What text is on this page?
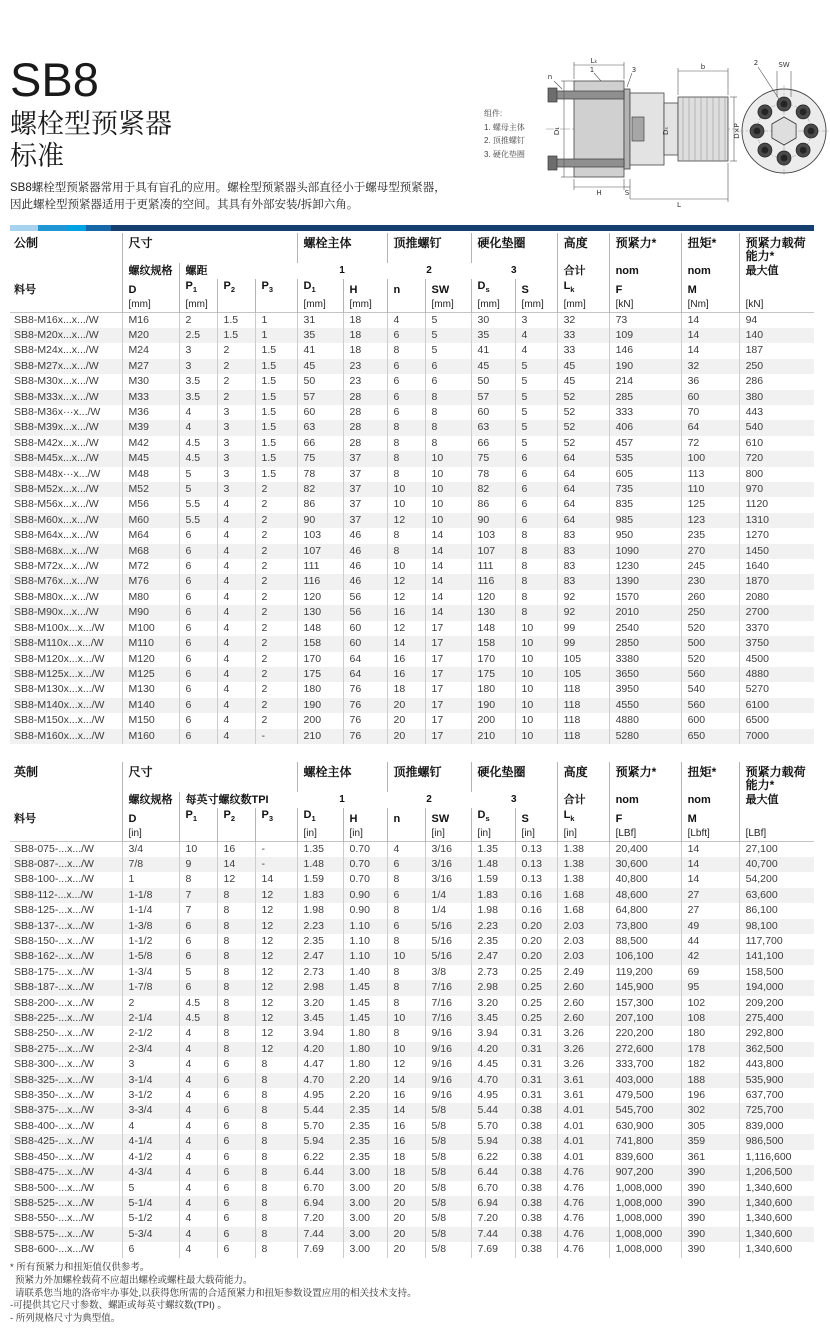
SB8
螺栓型预紧器
标准
SB8螺栓型预紧器常用于具有盲孔的应用。螺栓型预紧器头部直径小于螺母型预紧器，
因此螺栓型预紧器适用于更紧凑的空间。其具有外部安装/拆卸六角。
组件:
1. 螺母主体
2. 顶推螺钉
3. 硬化垫圈
Lₖ
n
1	3	b
D₁	Dₛ	D×P
H	S
L
2	SW
公制	尺寸				螺栓主体		顶推螺钉		硬化垫圈		高度	预紧力*	扭矩*	预紧力载荷 能力*
	螺纹规格	螺距			1		2		3		合计	nom	nom	最大值
料号	D	$P_1$	$P_2$	$P_3$	$D_1$	H	n	SW	$D_s$	S	$L_k$	F	M	
	[mm]	[mm]			[mm]	[mm]		[mm]	[mm]	[mm]	[mm]	[kN]	[Nm]	[kN]
SB8-M16x...x.../W	M16	2	1.5	1	31	18	4	5	30	3	32	73	14	94
SB8-M20x...x.../W	M20	2.5	1.5	1	35	18	6	5	35	4	33	109	14	140
SB8-M24x...x.../W	M24	3	2	1.5	41	18	8	5	41	4	33	146	14	187
SB8-M27x...x.../W	M27	3	2	1.5	45	23	6	6	45	5	45	190	32	250
SB8-M30x...x.../W	M30	3.5	2	1.5	50	23	6	6	50	5	45	214	36	286
SB8-M33x...x.../W	M33	3.5	2	1.5	57	28	6	8	57	5	52	285	60	380
SB8-M36x···x.../W	M36	4	3	1.5	60	28	6	8	60	5	52	333	70	443
SB8-M39x...x.../W	M39	4	3	1.5	63	28	8	8	63	5	52	406	64	540
SB8-M42x...x.../W	M42	4.5	3	1.5	66	28	8	8	66	5	52	457	72	610
SB8-M45x...x.../W	M45	4.5	3	1.5	75	37	8	10	75	6	64	535	100	720
SB8-M48x···x.../W	M48	5	3	1.5	78	37	8	10	78	6	64	605	113	800
SB8-M52x...x.../W	M52	5	3	2	82	37	10	10	82	6	64	735	110	970
SB8-M56x...x.../W	M56	5.5	4	2	86	37	10	10	86	6	64	835	125	1120
SB8-M60x...x.../W	M60	5.5	4	2	90	37	12	10	90	6	64	985	123	1310
SB8-M64x...x.../W	M64	6	4	2	103	46	8	14	103	8	83	950	235	1270
SB8-M68x...x.../W	M68	6	4	2	107	46	8	14	107	8	83	1090	270	1450
SB8-M72x...x.../W	M72	6	4	2	111	46	10	14	111	8	83	1230	245	1640
SB8-M76x...x.../W	M76	6	4	2	116	46	12	14	116	8	83	1390	230	1870
SB8-M80x...x.../W	M80	6	4	2	120	56	12	14	120	8	92	1570	260	2080
SB8-M90x...x.../W	M90	6	4	2	130	56	16	14	130	8	92	2010	250	2700
SB8-M100x...x.../W	M100	6	4	2	148	60	12	17	148	10	99	2540	520	3370
SB8-M110x...x.../W	M110	6	4	2	158	60	14	17	158	10	99	2850	500	3750
SB8-M120x...x.../W	M120	6	4	2	170	64	16	17	170	10	105	3380	520	4500
SB8-M125x...x.../W	M125	6	4	2	175	64	16	17	175	10	105	3650	560	4880
SB8-M130x...x.../W	M130	6	4	2	180	76	18	17	180	10	118	3950	540	5270
SB8-M140x...x.../W	M140	6	4	2	190	76	20	17	190	10	118	4550	560	6100
SB8-M150x...x.../W	M150	6	4	2	200	76	20	17	200	10	118	4880	600	6500
SB8-M160x...x.../W	M160	6	4	-	210	76	20	17	210	10	118	5280	650	7000
英制	尺寸				螺栓主体		顶推螺钉		硬化垫圈		高度	预紧力*	扭矩*	预紧力载荷 能力*
	螺纹规格	每英寸螺纹数TPI			1		2		3		合计	nom	nom	最大值
料号	D	$P_1$	$P_2$	$P_3$	$D_1$	H	n	SW	$D_s$	S	$L_k$	F	M	
	[in]				[in]	[in]		[in]	[in]	[in]	[in]	[LBf]	[Lbft]	[LBf]
SB8-075-...x.../W	3/4	10	16	-	1.35	0.70	4	3/16	1.35	0.13	1.38	20,400	14	27,100
SB8-087-...x.../W	7/8	9	14	-	1.48	0.70	6	3/16	1.48	0.13	1.38	30,600	14	40,700
SB8-100-...x.../W	1	8	12	14	1.59	0.70	8	3/16	1.59	0.13	1.38	40,800	14	54,200
SB8-112-...x.../W	1-1/8	7	8	12	1.83	0.90	6	1/4	1.83	0.16	1.68	48,600	27	63,600
SB8-125-...x.../W	1-1/4	7	8	12	1.98	0.90	8	1/4	1.98	0.16	1.68	64,800	27	86,100
SB8-137-...x.../W	1-3/8	6	8	12	2.23	1.10	6	5/16	2.23	0.20	2.03	73,800	49	98,100
SB8-150-...x.../W	1-1/2	6	8	12	2.35	1.10	8	5/16	2.35	0.20	2.03	88,500	44	117,700
SB8-162-...x.../W	1-5/8	6	8	12	2.47	1.10	10	5/16	2.47	0.20	2.03	106,100	42	141,100
SB8-175-...x.../W	1-3/4	5	8	12	2.73	1.40	8	3/8	2.73	0.25	2.49	119,200	69	158,500
SB8-187-...x.../W	1-7/8	6	8	12	2.98	1.45	8	7/16	2.98	0.25	2.60	145,900	95	194,000
SB8-200-...x.../W	2	4.5	8	12	3.20	1.45	8	7/16	3.20	0.25	2.60	157,300	102	209,200
SB8-225-...x.../W	2-1/4	4.5	8	12	3.45	1.45	10	7/16	3.45	0.25	2.60	207,100	108	275,400
SB8-250-...x.../W	2-1/2	4	8	12	3.94	1.80	8	9/16	3.94	0.31	3.26	220,200	180	292,800
SB8-275-...x.../W	2-3/4	4	8	12	4.20	1.80	10	9/16	4.20	0.31	3.26	272,600	178	362,500
SB8-300-...x.../W	3	4	6	8	4.47	1.80	12	9/16	4.45	0.31	3.26	333,700	182	443,800
SB8-325-...x.../W	3-1/4	4	6	8	4.70	2.20	14	9/16	4.70	0.31	3.61	403,000	188	535,900
SB8-350-...x.../W	3-1/2	4	6	8	4.95	2.20	16	9/16	4.95	0.31	3.61	479,500	196	637,700
SB8-375-...x.../W	3-3/4	4	6	8	5.44	2.35	14	5/8	5.44	0.38	4.01	545,700	302	725,700
SB8-400-...x.../W	4	4	6	8	5.70	2.35	16	5/8	5.70	0.38	4.01	630,900	305	839,000
SB8-425-...x.../W	4-1/4	4	6	8	5.94	2.35	16	5/8	5.94	0.38	4.01	741,800	359	986,500
SB8-450-...x.../W	4-1/2	4	6	8	6.22	2.35	18	5/8	6.22	0.38	4.01	839,600	361	1,116,600
SB8-475-...x.../W	4-3/4	4	6	8	6.44	3.00	18	5/8	6.44	0.38	4.76	907,200	390	1,206,500
SB8-500-...x.../W	5	4	6	8	6.70	3.00	20	5/8	6.70	0.38	4.76	1,008,000	390	1,340,600
SB8-525-...x.../W	5-1/4	4	6	8	6.94	3.00	20	5/8	6.94	0.38	4.76	1,008,000	390	1,340,600
SB8-550-...x.../W	5-1/2	4	6	8	7.20	3.00	20	5/8	7.20	0.38	4.76	1,008,000	390	1,340,600
SB8-575-...x.../W	5-3/4	4	6	8	7.44	3.00	20	5/8	7.44	0.38	4.76	1,008,000	390	1,340,600
SB8-600-...x.../W	6	4	6	8	7.69	3.00	20	5/8	7.69	0.38	4.76	1,008,000	390	1,340,600
* 所有预紧力和扭矩值仅供参考。
预紧力外加螺栓载荷不应超出螺栓或螺柱最大载荷能力。
请联系您当地的洛帝牢办事处,以获得您所需的合适预紧力和扭矩参数设置应用的相关技术支持。
-可提供其它尺寸参数、螺距或每英寸螺纹数(TPI) 。
- 所列规格尺寸为典型值。
